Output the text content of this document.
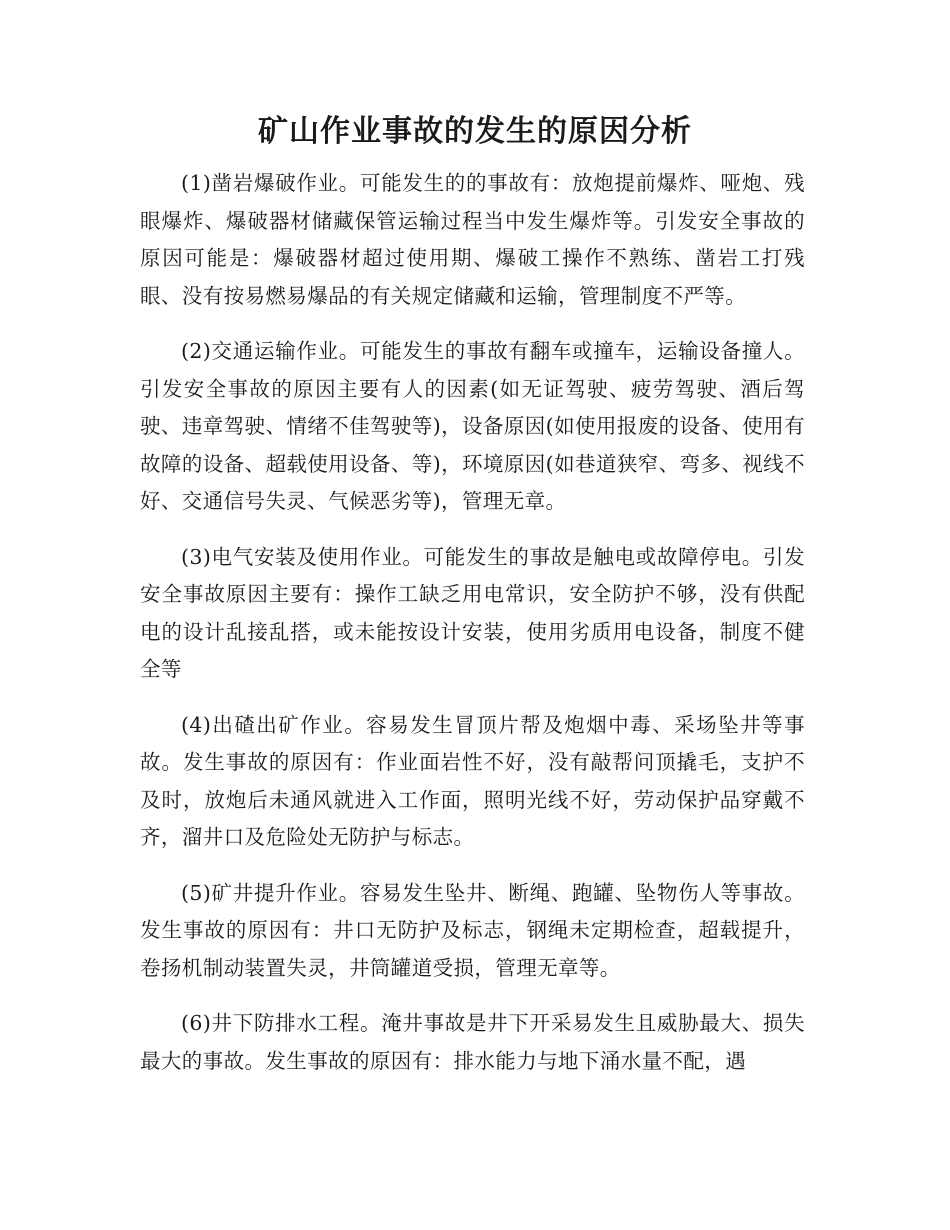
矿山作业事故的发生的原因分析

(1)凿岩爆破作业。可能发生的的事故有：放炮提前爆炸、哑炮、残眼爆炸、爆破器材储藏保管运输过程当中发生爆炸等。引发安全事故的原因可能是：爆破器材超过使用期、爆破工操作不熟练、凿岩工打残眼、没有按易燃易爆品的有关规定储藏和运输，管理制度不严等。

(2)交通运输作业。可能发生的事故有翻车或撞车，运输设备撞人。引发安全事故的原因主要有人的因素(如无证驾驶、疲劳驾驶、酒后驾驶、违章驾驶、情绪不佳驾驶等)，设备原因(如使用报废的设备、使用有故障的设备、超载使用设备、等)，环境原因(如巷道狭窄、弯多、视线不好、交通信号失灵、气候恶劣等)，管理无章。

(3)电气安装及使用作业。可能发生的事故是触电或故障停电。引发安全事故原因主要有：操作工缺乏用电常识，安全防护不够，没有供配电的设计乱接乱搭，或未能按设计安装，使用劣质用电设备，制度不健全等

(4)出碴出矿作业。容易发生冒顶片帮及炮烟中毒、采场坠井等事故。发生事故的原因有：作业面岩性不好，没有敲帮问顶撬毛，支护不及时，放炮后未通风就进入工作面，照明光线不好，劳动保护品穿戴不齐，溜井口及危险处无防护与标志。

(5)矿井提升作业。容易发生坠井、断绳、跑罐、坠物伤人等事故。发生事故的原因有：井口无防护及标志，钢绳未定期检查，超载提升，卷扬机制动装置失灵，井筒罐道受损，管理无章等。

(6)井下防排水工程。淹井事故是井下开采易发生且威胁最大、损失最大的事故。发生事故的原因有：排水能力与地下涌水量不配，遇
